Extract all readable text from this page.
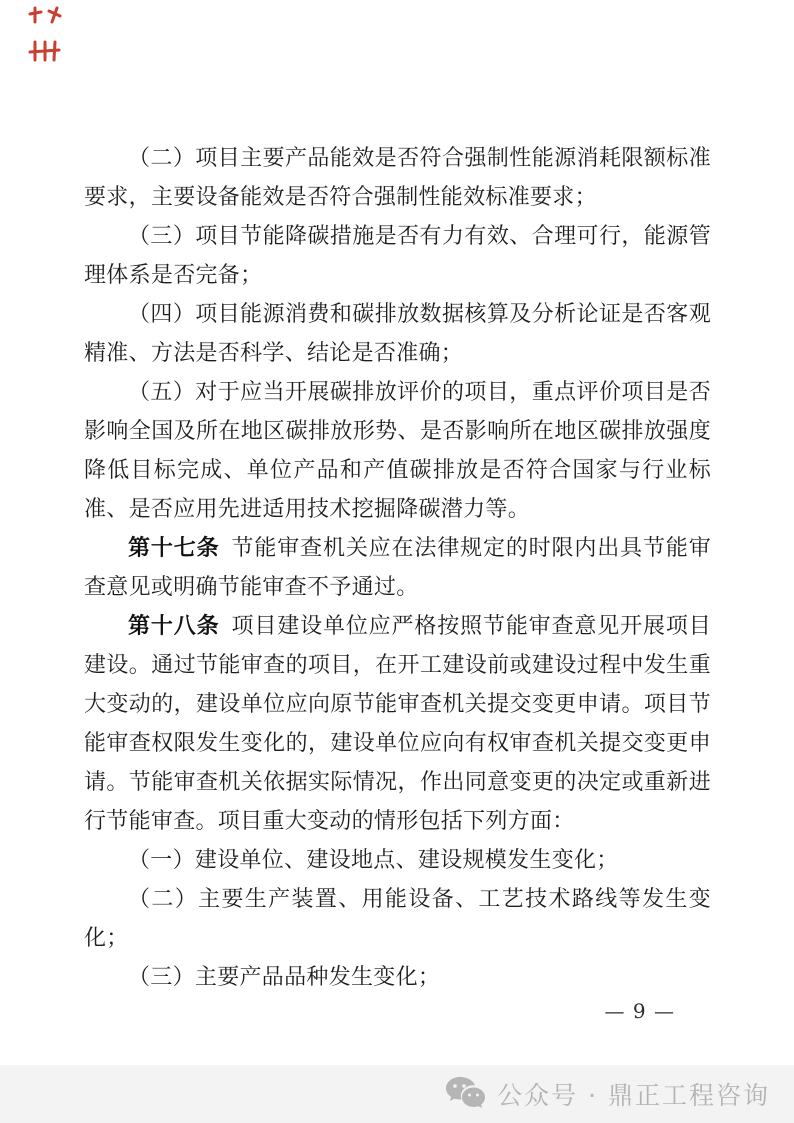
（二）项目主要产品能效是否符合强制性能源消耗限额标准要求，主要设备能效是否符合强制性能效标准要求；

（三）项目节能降碳措施是否有力有效、合理可行，能源管理体系是否完备；

（四）项目能源消费和碳排放数据核算及分析论证是否客观精准、方法是否科学、结论是否准确；

（五）对于应当开展碳排放评价的项目，重点评价项目是否影响全国及所在地区碳排放形势、是否影响所在地区碳排放强度降低目标完成、单位产品和产值碳排放是否符合国家与行业标准、是否应用先进适用技术挖掘降碳潜力等。

第十七条 节能审查机关应在法律规定的时限内出具节能审查意见或明确节能审查不予通过。

第十八条 项目建设单位应严格按照节能审查意见开展项目建设。通过节能审查的项目，在开工建设前或建设过程中发生重大变动的，建设单位应向原节能审查机关提交变更申请。项目节能审查权限发生变化的，建设单位应向有权审查机关提交变更申请。节能审查机关依据实际情况，作出同意变更的决定或重新进行节能审查。项目重大变动的情形包括下列方面：

（一）建设单位、建设地点、建设规模发生变化；

（二）主要生产装置、用能设备、工艺技术路线等发生变化；

（三）主要产品品种发生变化；

— 9 —
公众号 · 鼎正工程咨询
